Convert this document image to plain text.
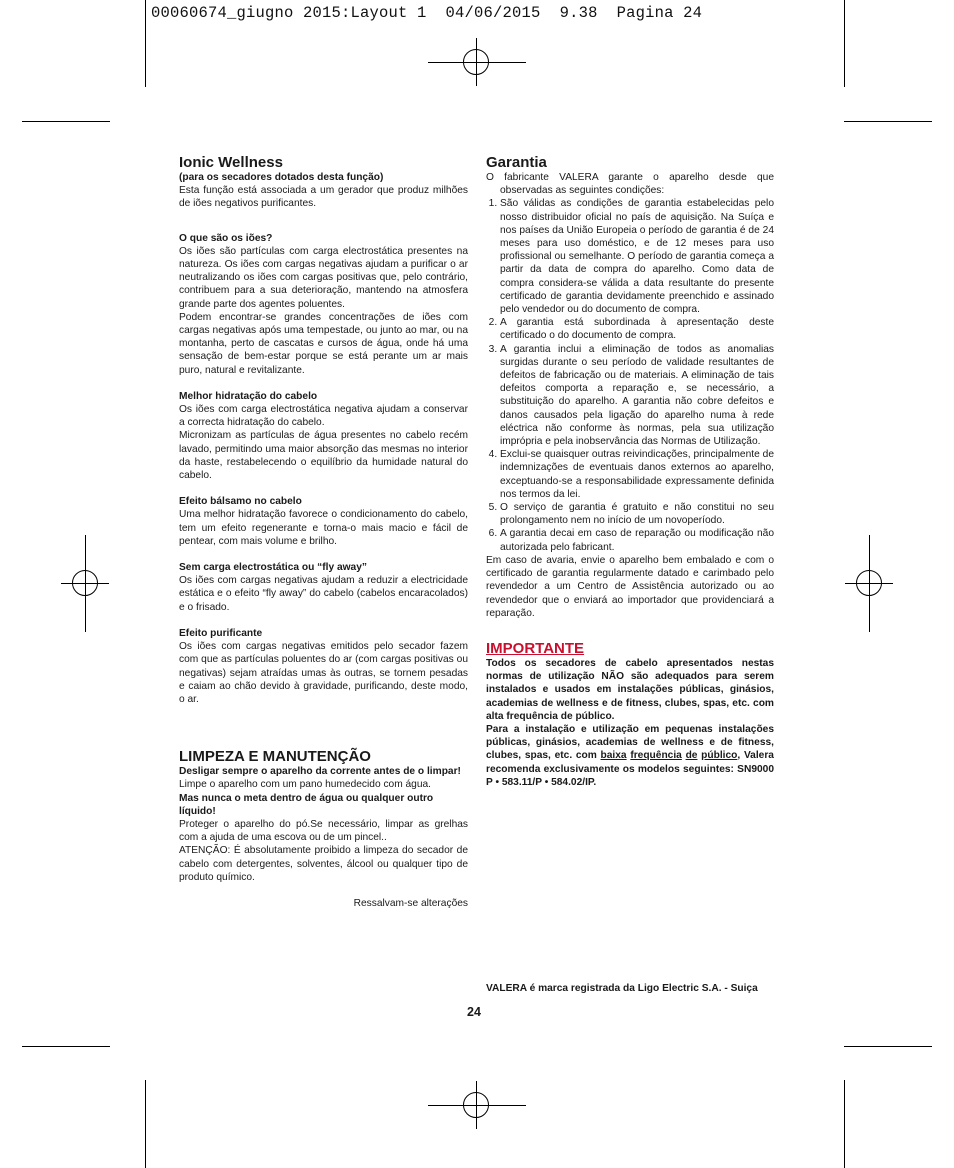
00060674_giugno 2015:Layout 1  04/06/2015  9.38  Pagina 24

Ionic Wellness

(para os secadores dotados desta função)

Esta função está associada a um gerador que produz milhões de iões negativos purificantes.

O que são os iões?

Os iões são partículas com carga electrostática presentes na natureza. Os iões com cargas negativas ajudam a purificar o ar neutralizando os iões com cargas positivas que, pelo contrário, contribuem para a sua deterioração, mantendo na atmosfera grande parte dos agentes poluentes.

Podem encontrar-se grandes concentrações de iões com cargas negativas após uma tempestade, ou junto ao mar, ou na montanha, perto de cascatas e cursos de água, onde há uma sensação de bem-estar porque se está perante um ar mais puro, natural e revitalizante.

Melhor hidratação do cabelo

Os iões com carga electrostática negativa ajudam a conservar a correcta hidratação do cabelo.

Micronizam as partículas de água presentes no cabelo recém lavado, permitindo uma maior absorção das mesmas no interior da haste, restabelecendo o equilíbrio da humidade natural do cabelo.

Efeito bálsamo no cabelo

Uma melhor hidratação favorece o condicionamento do cabelo, tem um efeito regenerante e torna-o mais macio e fácil de pentear, com mais volume e brilho.

Sem carga electrostática ou “fly away”

Os iões com cargas negativas ajudam a reduzir a electricidade estática e o efeito “fly away” do cabelo (cabelos encaracolados) e o frisado.

Efeito purificante

Os iões com cargas negativas emitidos pelo secador fazem com que as partículas poluentes do ar (com cargas positivas ou negativas) sejam atraídas umas às outras, se tornem pesadas e caiam ao chão devido à gravidade, purificando, deste modo, o ar.

LIMPEZA E MANUTENÇÃO

Desligar sempre o aparelho da corrente antes de o limpar!

Limpe o aparelho com um pano humedecido com água.

Mas nunca o meta dentro de água ou qualquer outro líquido!

Proteger o aparelho do pó.Se necessário, limpar as grelhas com a ajuda de uma escova ou de um pincel..

ATENÇÃO: É absolutamente proibido a limpeza do secador de cabelo com detergentes, solventes, álcool ou qualquer tipo de produto químico.

Ressalvam-se alterações

Garantia

O fabricante VALERA garante o aparelho desde que observadas as seguintes condições:

1. São válidas as condições de garantia estabelecidas pelo nosso distribuidor oficial no país de aquisição. Na Suíça e nos países da União Europeia o período de garantia é de 24 meses para uso doméstico, e de 12 meses para uso profissional ou semelhante. O período de garantia começa a partir da data de compra do aparelho. Como data de compra considera-se válida a data resultante do presente certificado de garantia devidamente preenchido e assinado pelo vendedor ou do documento de compra.
2. A garantia está subordinada à apresentação deste certificado o do documento de compra.
3. A garantia inclui a eliminação de todos as anomalias surgidas durante o seu período de validade resultantes de defeitos de fabricação ou de materiais. A eliminação de tais defeitos comporta a reparação e, se necessário, a substituição do aparelho. A garantia não cobre defeitos e danos causados pela ligação do aparelho numa à rede eléctrica não conforme às normas, pela sua utilização imprópria e pela inobservância das Normas de Utilização.
4. Exclui-se quaisquer outras reivindicações, principalmente de indemnizações de eventuais danos externos ao aparelho, exceptuando-se a responsabilidade expressamente definida nos termos da lei.
5. O serviço de garantia é gratuito e não constitui no seu prolongamento nem no início de um novoperíodo.
6. A garantia decai em caso de reparação ou modificação não autorizada pelo fabricant.

Em caso de avaria, envie o aparelho bem embalado e com o certificado de garantia regularmente datado e carimbado pelo revendedor a um Centro de Assistência autorizado ou ao revendedor que o enviará ao importador que providenciará a reparação.

IMPORTANTE

Todos os secadores de cabelo apresentados nestas normas de utilização NÃO são adequados para serem instalados e usados em instalações públicas, ginásios, academias de wellness e de fitness, clubes, spas, etc. com alta frequência de público.

Para a instalação e utilização em pequenas instalações públicas, ginásios, academias de wellness e de fitness, clubes, spas, etc. com baixa frequência de público, Valera recomenda exclusivamente os modelos seguintes: SN9000 P • 583.11/P • 584.02/IP.

VALERA é marca registrada da Ligo Electric S.A. - Suiça
24
